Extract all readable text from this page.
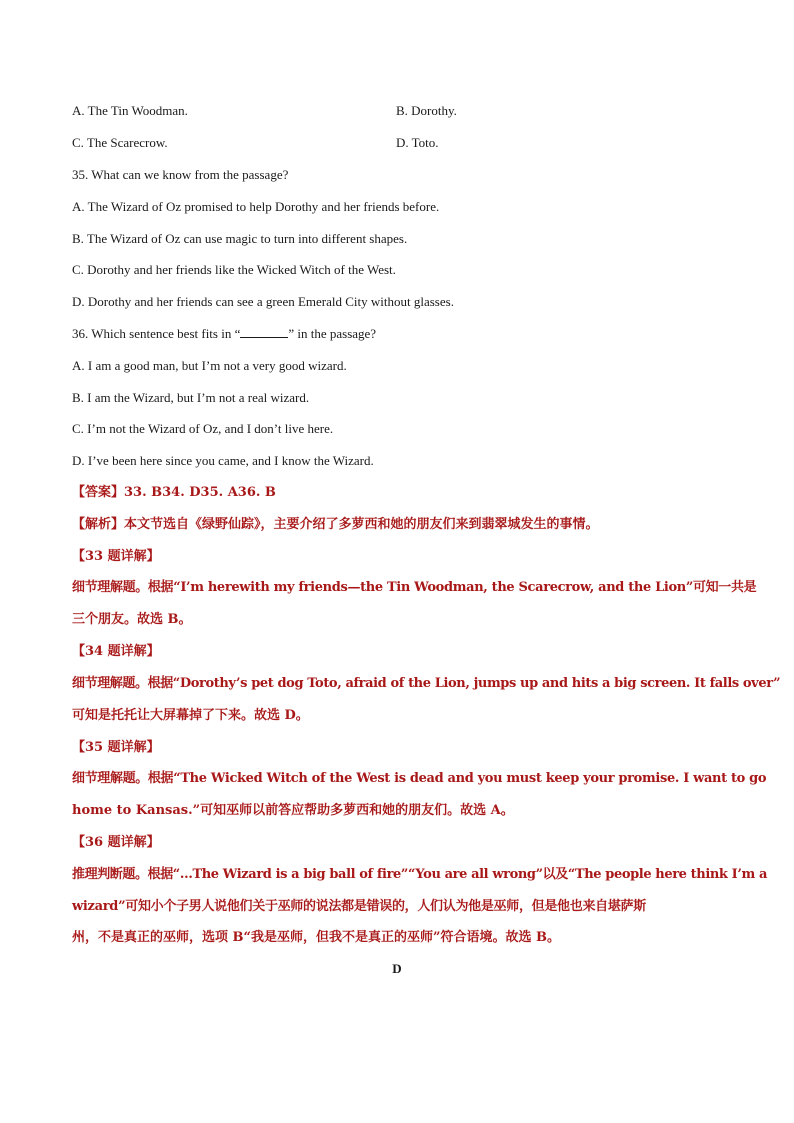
A. The Tin Woodman.	B. Dorothy.
C. The Scarecrow.	D. Toto.
35. What can we know from the passage?
A. The Wizard of Oz promised to help Dorothy and her friends before.
B. The Wizard of Oz can use magic to turn into different shapes.
C. Dorothy and her friends like the Wicked Witch of the West.
D. Dorothy and her friends can see a green Emerald City without glasses.
36. Which sentence best fits in “	” in the passage?
A. I am a good man, but I’m not a very good wizard.
B. I am the Wizard, but I’m not a real wizard.
C. I’m not the Wizard of Oz, and I don’t live here.
D. I’ve been here since you came, and I know the Wizard.
【答案】33. B34. D35. A36. B
【解析】本文节选自《绿野仙踪》，主要介绍了多萝西和她的朋友们来到翡翠城发生的事情。
【33 题详解】
细节理解题。根据“I’m herewith my friends—the Tin Woodman, the Scarecrow, and the Lion”可知一共是
三个朋友。故选 B。
【34 题详解】
细节理解题。根据“Dorothy’s pet dog Toto, afraid of the Lion, jumps up and hits a big screen. It falls over”
可知是托托让大屏幕掉了下来。故选 D。
【35 题详解】
细节理解题。根据“The Wicked Witch of the West is dead and you must keep your promise. I want to go
home to Kansas.”可知巫师以前答应帮助多萝西和她的朋友们。故选 A。
【36 题详解】
推理判断题。根据“…The Wizard is a big ball of fire”“You are all wrong”以及“The people here think I’m a
wizard”可知小个子男人说他们关于巫师的说法都是错误的，人们认为他是巫师，但是他也来自堪萨斯
州，不是真正的巫师，选项 B“我是巫师，但我不是真正的巫师”符合语境。故选 B。
D
